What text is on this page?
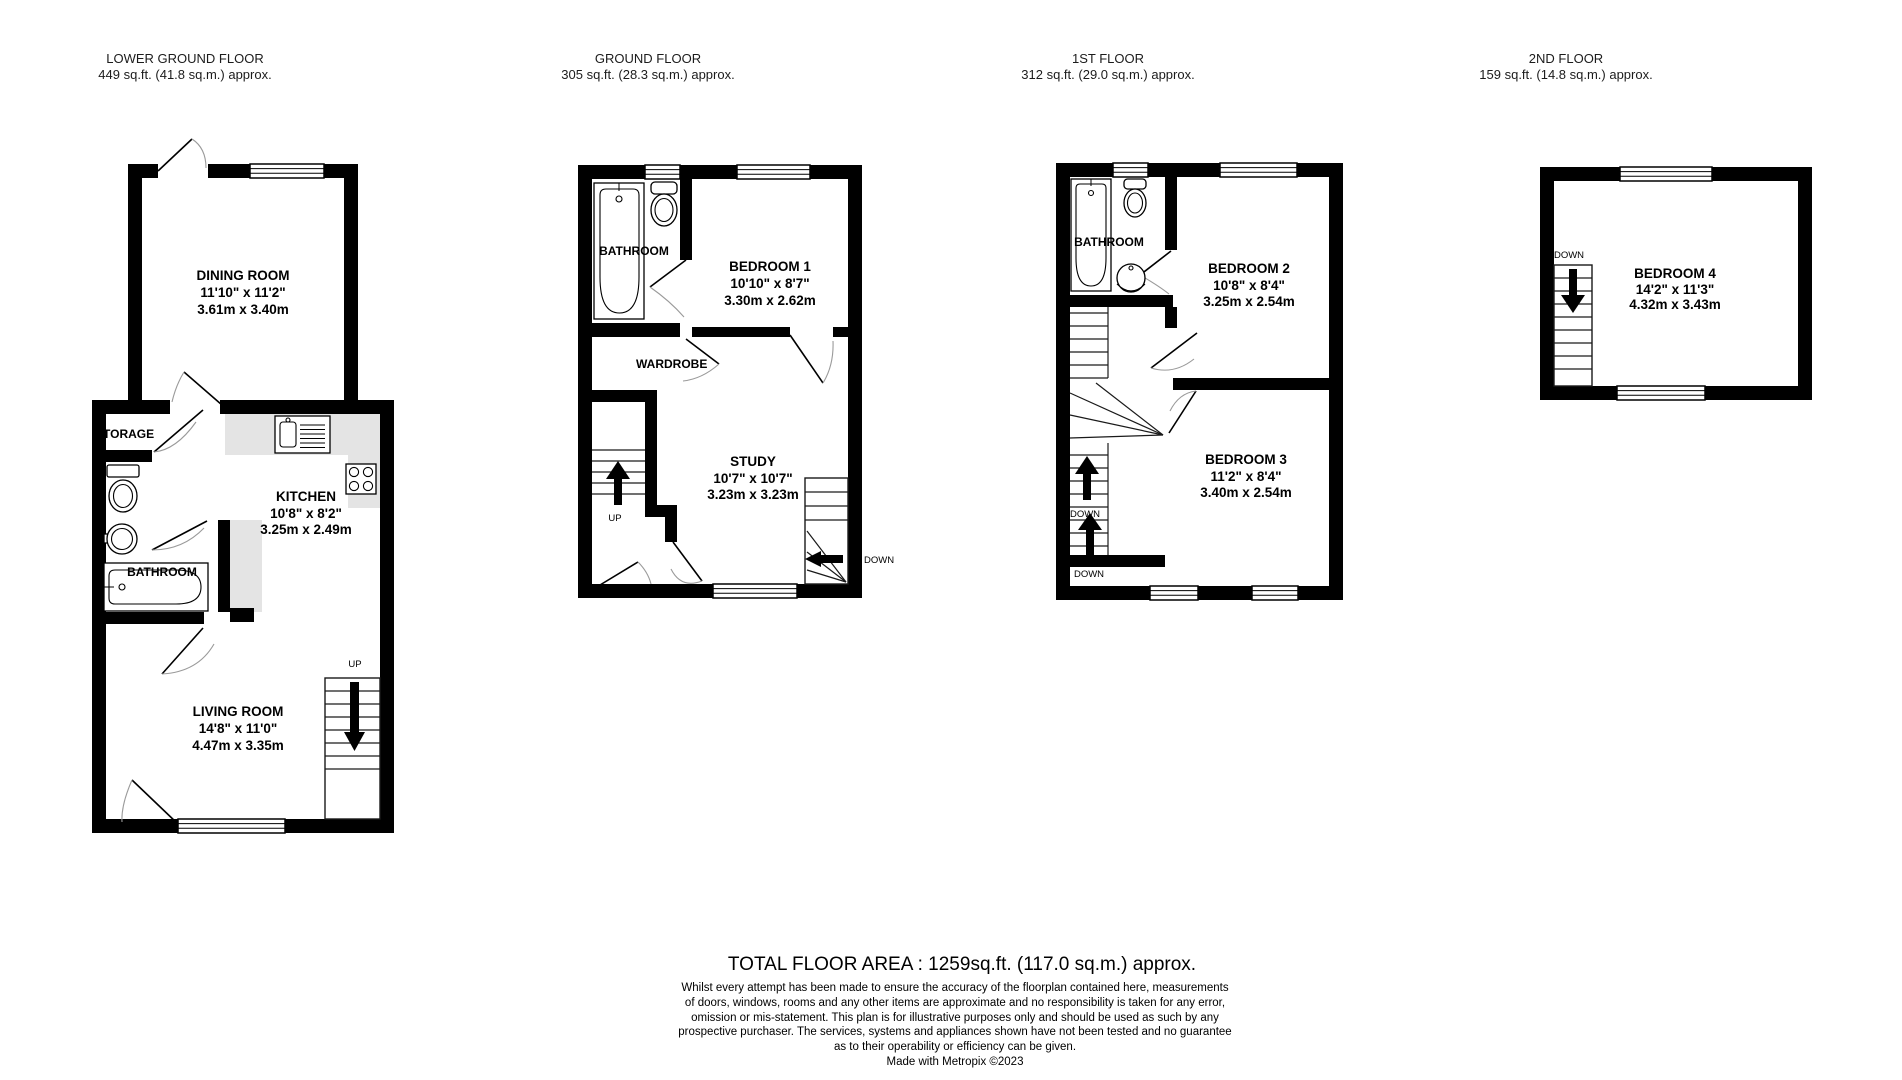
LOWER GROUND FLOOR
449 sq.ft. (41.8 sq.m.) approx.
GROUND FLOOR
305 sq.ft. (28.3 sq.m.) approx.
1ST FLOOR
312 sq.ft. (29.0 sq.m.) approx.
2ND FLOOR
159 sq.ft. (14.8 sq.m.) approx.
UP
DINING ROOM
11'10" x 11'2"
3.61m x 3.40m
TORAGE
KITCHEN
10'8" x 8'2"
3.25m x 2.49m
BATHROOM
LIVING ROOM
14'8" x 11'0"
4.47m x 3.35m
UP
DOWN
BATHROOM
BEDROOM 1
10'10" x 8'7"
3.30m x 2.62m
WARDROBE
STUDY
10'7" x 10'7"
3.23m x 3.23m
DOWN
DOWN
BATHROOM
BEDROOM 2
10'8" x 8'4"
3.25m x 2.54m
BEDROOM 3
11'2" x 8'4"
3.40m x 2.54m
DOWN
BEDROOM 4
14'2" x 11'3"
4.32m x 3.43m
TOTAL FLOOR AREA : 1259sq.ft. (117.0 sq.m.) approx.
Whilst every attempt has been made to ensure the accuracy of the floorplan contained here, measurements
of doors, windows, rooms and any other items are approximate and no responsibility is taken for any error,
omission or mis-statement. This plan is for illustrative purposes only and should be used as such by any
prospective purchaser. The services, systems and appliances shown have not been tested and no guarantee
as to their operability or efficiency can be given.
Made with Metropix ©2023
